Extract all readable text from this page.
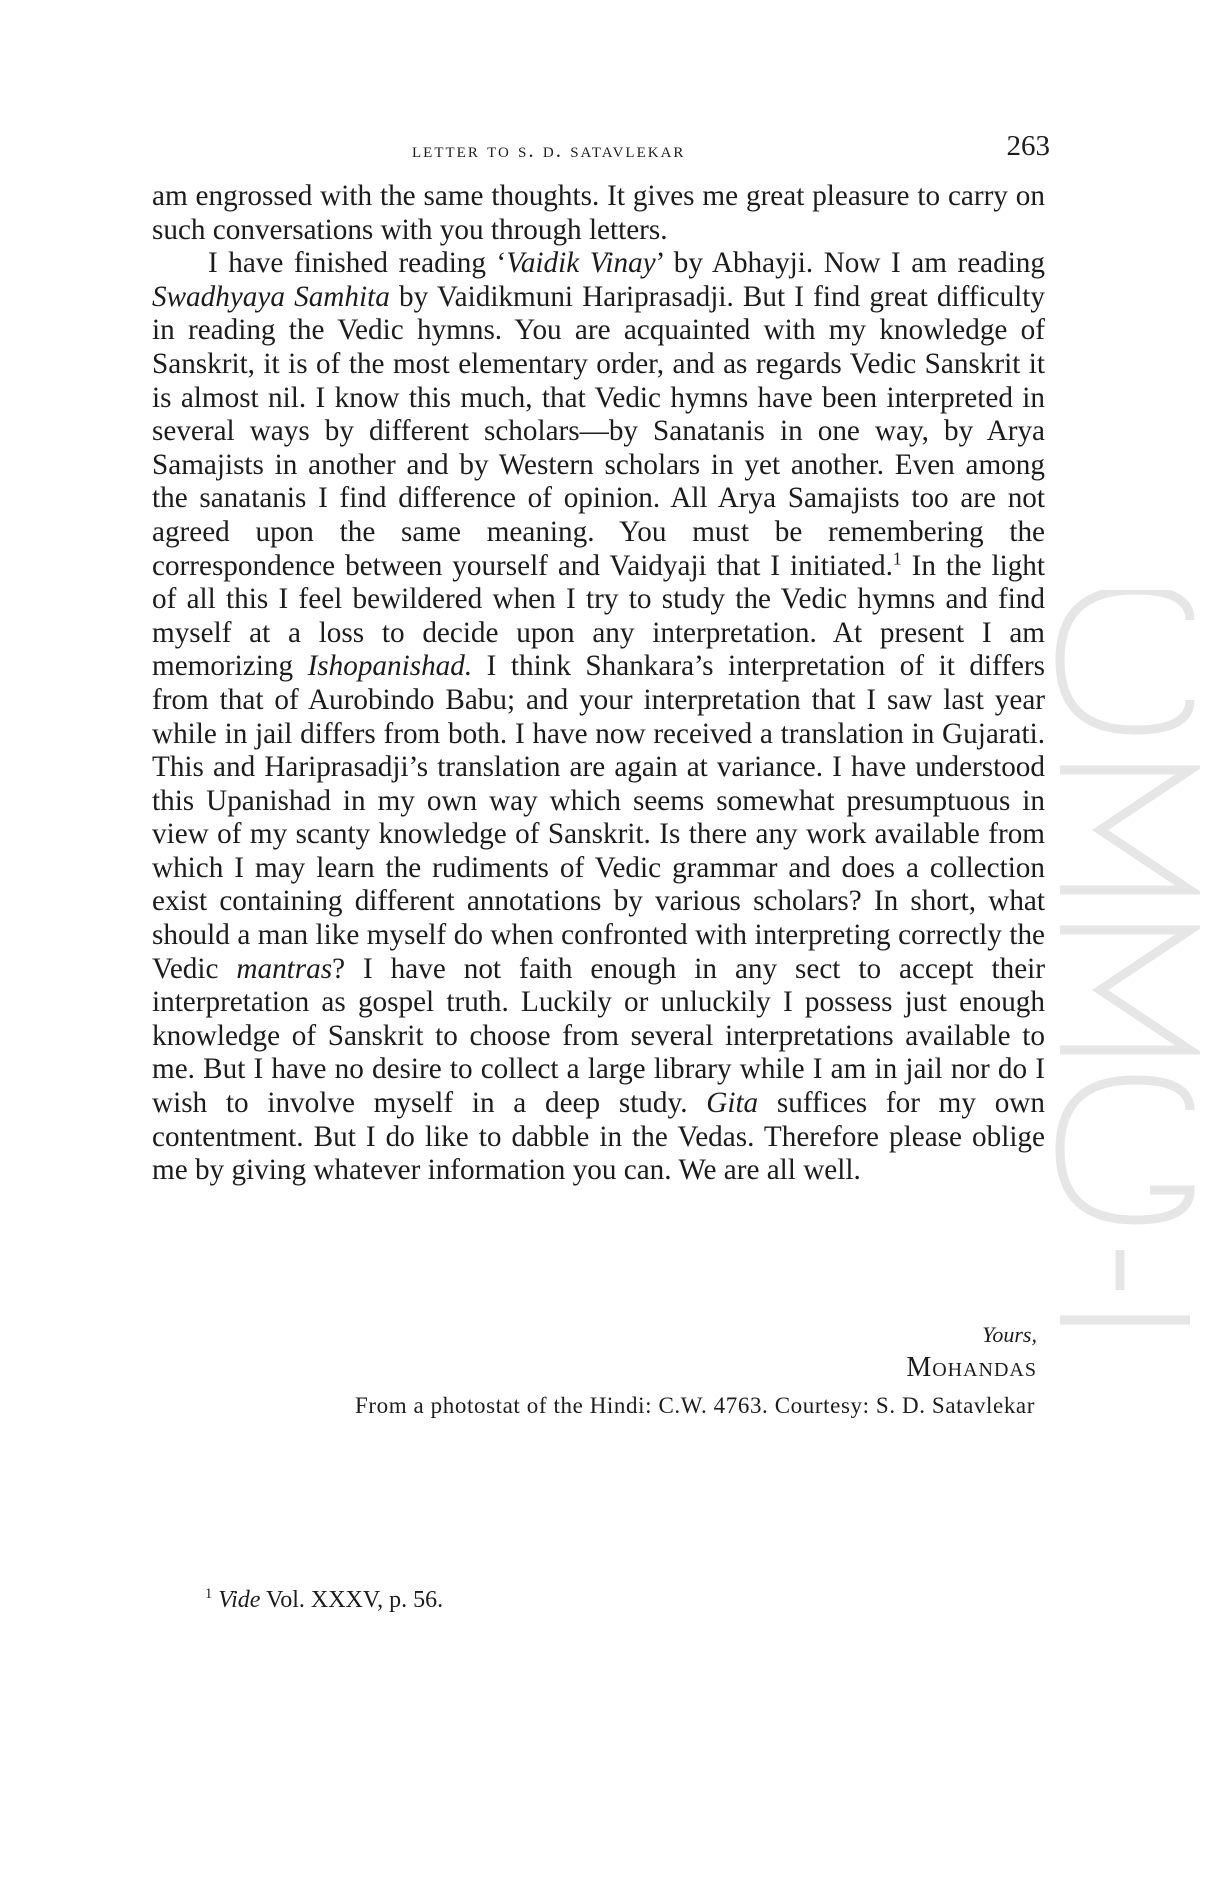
letter to s. d. satavlekar	263

am engrossed with the same thoughts. It gives me great pleasure to carry on such conversations with you through letters.

I have finished reading ‘Vaidik Vinay’ by Abhayji. Now I am reading Swadhyaya Samhita by Vaidikmuni Hariprasadji. But I find great difficulty in reading the Vedic hymns. You are acquainted with my knowledge of Sanskrit, it is of the most elementary order, and as regards Vedic Sanskrit it is almost nil. I know this much, that Vedic hymns have been interpreted in several ways by different scholars—by Sanatanis in one way, by Arya Samajists in another and by Western scholars in yet another. Even among the sanatanis I find difference of opinion. All Arya Samajists too are not agreed upon the same meaning. You must be remembering the correspondence between yourself and Vaidyaji that I initiated.$^1$ In the light of all this I feel bewildered when I try to study the Vedic hymns and find myself at a loss to decide upon any interpretation. At present I am memorizing Ishopanishad. I think Shankara’s interpretation of it differs from that of Aurobindo Babu; and your interpretation that I saw last year while in jail differs from both. I have now received a translation in Gujarati. This and Hariprasadji’s translation are again at variance. I have understood this Upanishad in my own way which seems somewhat presumptuous in view of my scanty knowledge of Sanskrit. Is there any work available from which I may learn the rudiments of Vedic grammar and does a collection exist containing different annotations by various scholars? In short, what should a man like myself do when confronted with interpreting correctly the Vedic mantras? I have not faith enough in any sect to accept their interpretation as gospel truth. Luckily or unluckily I possess just enough knowledge of Sanskrit to choose from several interpretations available to me. But I have no desire to collect a large library while I am in jail nor do I wish to involve myself in a deep study. Gita suffices for my own contentment. But I do like to dabble in the Vedas. Therefore please oblige me by giving whatever information you can. We are all well.

Yours,
Mohandas
From a photostat of the Hindi: C.W. 4763. Courtesy: S. D. Satavlekar
$^1$ Vide Vol. XXXV, p. 56.
